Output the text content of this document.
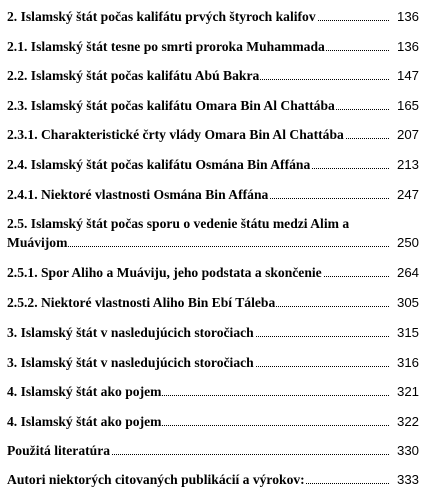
2. Islamský štát počas kalifátu prvých štyroch kalifov	136
2.1. Islamský štát tesne po smrti proroka Muhammada	136
2.2. Islamský štát počas kalifátu Abú Bakra	147
2.3. Islamský štát počas kalifátu Omara Bin Al Chattába	165
2.3.1. Charakteristické črty vlády Omara Bin Al Chattába	207
2.4. Islamský štát počas kalifátu Osmána Bin Affána	213
2.4.1. Niektoré vlastnosti Osmána Bin Affána	247
2.5. Islamský štát počas sporu o vedenie štátu medzi Alim a
Muávijom	250
2.5.1. Spor Aliho a Muáviju, jeho podstata a skončenie	264
2.5.2. Niektoré vlastnosti Aliho Bin Ebí Táleba	305
3. Islamský štát v nasledujúcich storočiach	315
3. Islamský štát v nasledujúcich storočiach	316
4. Islamský štát ako pojem	321
4. Islamský štát ako pojem	322
Použitá literatúra	330
Autori niektorých citovaných publikácií a výrokov:	333
